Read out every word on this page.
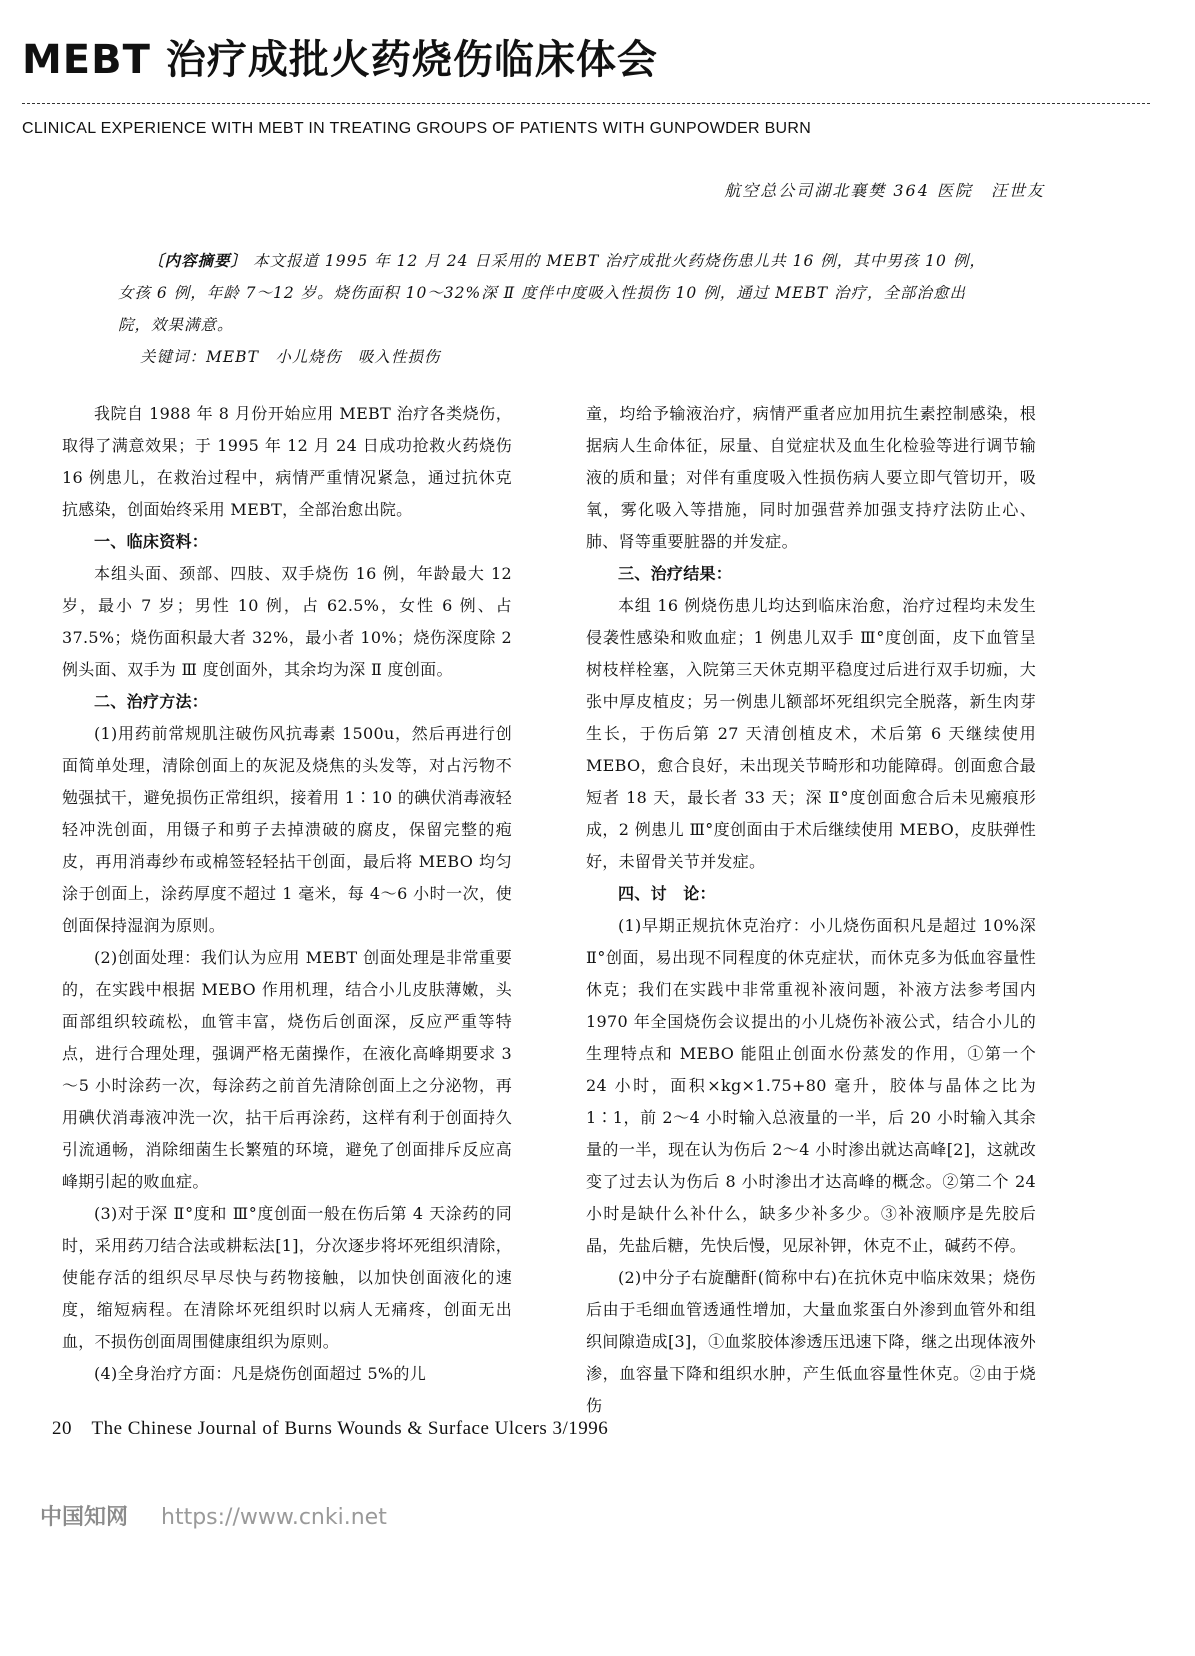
MEBT 治疗成批火药烧伤临床体会
CLINICAL EXPERIENCE WITH MEBT IN TREATING GROUPS OF PATIENTS WITH GUNPOWDER BURN
航空总公司湖北襄樊 364 医院　汪世友

〔内容摘要〕 本文报道 1995 年 12 月 24 日采用的 MEBT 治疗成批火药烧伤患儿共 16 例，其中男孩 10 例，女孩 6 例，年龄 7～12 岁。烧伤面积 10～32%深 Ⅱ 度伴中度吸入性损伤 10 例，通过 MEBT 治疗，全部治愈出院，效果满意。

关键词：MEBT　小儿烧伤　吸入性损伤

我院自 1988 年 8 月份开始应用 MEBT 治疗各类烧伤，取得了满意效果；于 1995 年 12 月 24 日成功抢救火药烧伤 16 例患儿，在救治过程中，病情严重情况紧急，通过抗休克抗感染，创面始终采用 MEBT，全部治愈出院。

一、临床资料：

本组头面、颈部、四肢、双手烧伤 16 例，年龄最大 12 岁，最小 7 岁；男性 10 例，占 62.5%，女性 6 例、占 37.5%；烧伤面积最大者 32%，最小者 10%；烧伤深度除 2 例头面、双手为 Ⅲ 度创面外，其余均为深 Ⅱ 度创面。

二、治疗方法：

(1)用药前常规肌注破伤风抗毒素 1500u，然后再进行创面简单处理，清除创面上的灰泥及烧焦的头发等，对占污物不勉强拭干，避免损伤正常组织，接着用 1∶10 的碘伏消毒液轻轻冲洗创面，用镊子和剪子去掉溃破的腐皮，保留完整的疱皮，再用消毒纱布或棉签轻轻拈干创面，最后将 MEBO 均匀涂于创面上，涂药厚度不超过 1 毫米，每 4～6 小时一次，使创面保持湿润为原则。

(2)创面处理：我们认为应用 MEBT 创面处理是非常重要的，在实践中根据 MEBO 作用机理，结合小儿皮肤薄嫩，头面部组织较疏松，血管丰富，烧伤后创面深，反应严重等特点，进行合理处理，强调严格无菌操作，在液化高峰期要求 3～5 小时涂药一次，每涂药之前首先清除创面上之分泌物，再用碘伏消毒液冲洗一次，拈干后再涂药，这样有利于创面持久引流通畅，消除细菌生长繁殖的环境，避免了创面排斥反应高峰期引起的败血症。

(3)对于深 Ⅱ°度和 Ⅲ°度创面一般在伤后第 4 天涂药的同时，采用药刀结合法或耕耘法[1]，分次逐步将坏死组织清除，使能存活的组织尽早尽快与药物接触，以加快创面液化的速度，缩短病程。在清除坏死组织时以病人无痛疼，创面无出血，不损伤创面周围健康组织为原则。

(4)全身治疗方面：凡是烧伤创面超过 5%的儿

童，均给予输液治疗，病情严重者应加用抗生素控制感染，根据病人生命体征，尿量、自觉症状及血生化检验等进行调节输液的质和量；对伴有重度吸入性损伤病人要立即气管切开，吸氧，雾化吸入等措施，同时加强营养加强支持疗法防止心、肺、肾等重要脏器的并发症。

三、治疗结果：

本组 16 例烧伤患儿均达到临床治愈，治疗过程均未发生侵袭性感染和败血症；1 例患儿双手 Ⅲ°度创面，皮下血管呈树枝样栓塞，入院第三天休克期平稳度过后进行双手切痂，大张中厚皮植皮；另一例患儿额部坏死组织完全脱落，新生肉芽生长，于伤后第 27 天清创植皮术，术后第 6 天继续使用 MEBO，愈合良好，未出现关节畸形和功能障碍。创面愈合最短者 18 天，最长者 33 天；深 Ⅱ°度创面愈合后未见瘢痕形成，2 例患儿 Ⅲ°度创面由于术后继续使用 MEBO，皮肤弹性好，未留骨关节并发症。

四、讨　论：

(1)早期正规抗休克治疗：小儿烧伤面积凡是超过 10%深 Ⅱ°创面，易出现不同程度的休克症状，而休克多为低血容量性休克；我们在实践中非常重视补液问题，补液方法参考国内 1970 年全国烧伤会议提出的小儿烧伤补液公式，结合小儿的生理特点和 MEBO 能阻止创面水份蒸发的作用，①第一个 24 小时，面积×kg×1.75+80 毫升，胶体与晶体之比为 1∶1，前 2～4 小时输入总液量的一半，后 20 小时输入其余量的一半，现在认为伤后 2～4 小时渗出就达高峰[2]，这就改变了过去认为伤后 8 小时渗出才达高峰的概念。②第二个 24 小时是缺什么补什么，缺多少补多少。③补液顺序是先胶后晶，先盐后糖，先快后慢，见尿补钾，休克不止，碱药不停。

(2)中分子右旋醣酐(简称中右)在抗休克中临床效果；烧伤后由于毛细血管透通性增加，大量血浆蛋白外渗到血管外和组织间隙造成[3]，①血浆胶体渗透压迅速下降，继之出现体液外渗，血容量下降和组织水肿，产生低血容量性休克。②由于烧伤

20　The Chinese Journal of Burns Wounds & Surface Ulcers 3/1996
中国知网 https://www.cnki.net
